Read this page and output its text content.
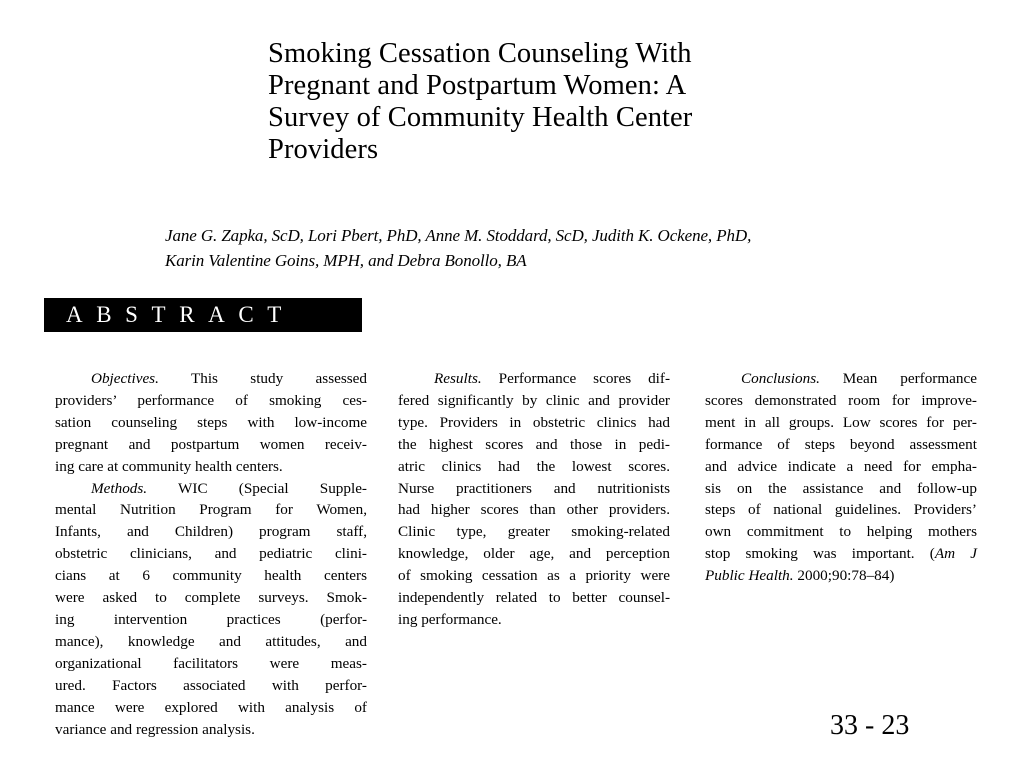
Smoking Cessation Counseling With
Pregnant and Postpartum Women: A
Survey of Community Health Center
Providers
Jane G. Zapka, ScD, Lori Pbert, PhD, Anne M. Stoddard, ScD, Judith K. Ockene, PhD,
Karin Valentine Goins, MPH, and Debra Bonollo, BA
ABSTRACT
Objectives. This study assessed
providers’ performance of smoking ces-
sation counseling steps with low-income
pregnant and postpartum women receiv-
ing care at community health centers.
Methods. WIC (Special Supple-
mental Nutrition Program for Women,
Infants, and Children) program staff,
obstetric clinicians, and pediatric clini-
cians at 6 community health centers
were asked to complete surveys. Smok-
ing intervention practices (perfor-
mance), knowledge and attitudes, and
organizational facilitators were meas-
ured. Factors associated with perfor-
mance were explored with analysis of
variance and regression analysis.
Results. Performance scores dif-
fered significantly by clinic and provider
type. Providers in obstetric clinics had
the highest scores and those in pedi-
atric clinics had the lowest scores.
Nurse practitioners and nutritionists
had higher scores than other providers.
Clinic type, greater smoking-related
knowledge, older age, and perception
of smoking cessation as a priority were
independently related to better counsel-
ing performance.
Conclusions. Mean performance
scores demonstrated room for improve-
ment in all groups. Low scores for per-
formance of steps beyond assessment
and advice indicate a need for empha-
sis on the assistance and follow-up
steps of national guidelines. Providers’
own commitment to helping mothers
stop smoking was important. (Am J
Public Health. 2000;90:78–84)
33 - 23
